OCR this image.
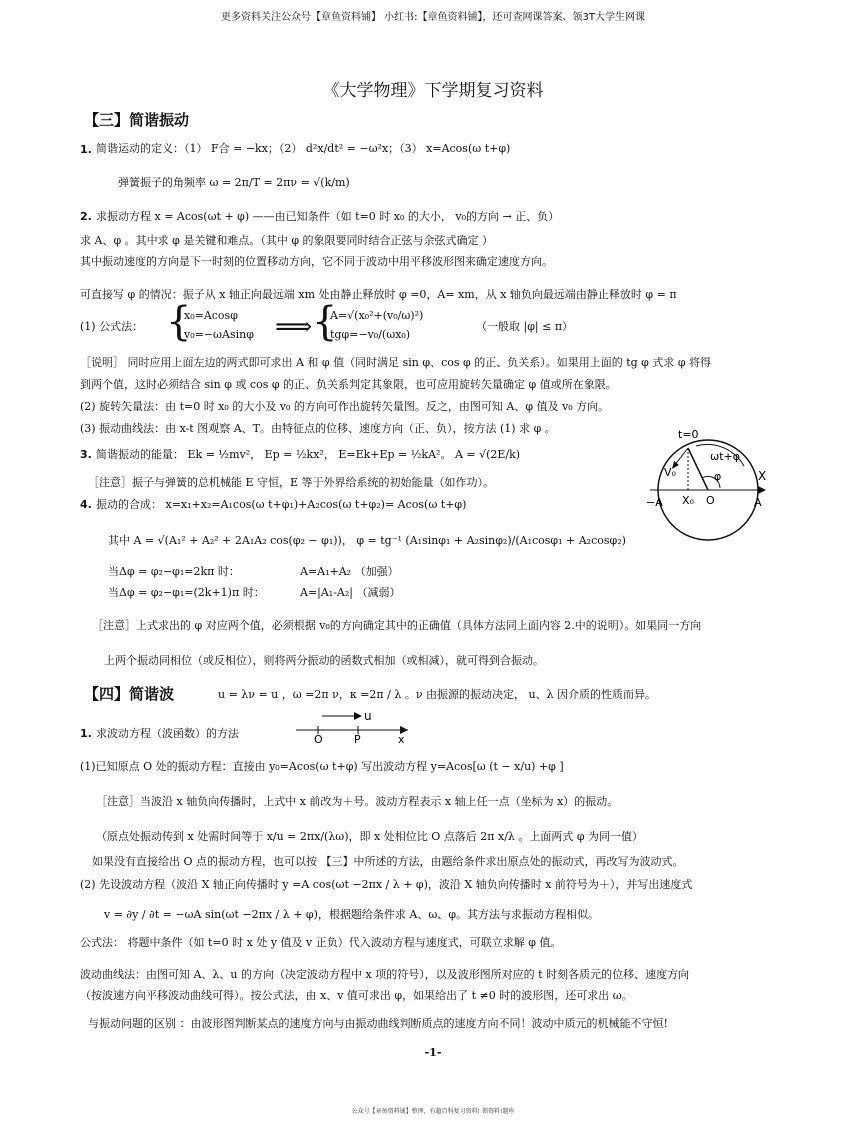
更多资料关注公众号【章鱼资料铺】 小红书:【章鱼资料铺】，还可查网课答案、领3T大学生网课
《大学物理》下学期复习资料
【三】简谐振动
1. 简谐运动的定义：（1） F合 = −kx；（2） d²x/dt² = −ω²x；（3） x=Acos(ω t+φ)
弹簧振子的角频率 ω = 2π/T = 2πν = √(k/m)
2. 求振动方程 x = Acos(ωt + φ) ——由已知条件（如 t=0 时 x₀ 的大小， v₀的方向 → 正、负）
求 A、φ 。其中求 φ 是关键和难点。（其中 φ 的象限要同时结合正弦与余弦式确定 ）
其中振动速度的方向是下一时刻的位置移动方向，它不同于波动中用平移波形图来确定速度方向。
可直接写 φ 的情况：振子从 x 轴正向最远端 xm 处由静止释放时 φ =0，A= xm，从 x 轴负向最远端由静止释放时 φ = π
(1) 公式法： {
x₀=Acosφ
v₀=−ωAsinφ ⟹ {
A=√(x₀²+(v₀/ω)²)
tgφ=−v₀/(ωx₀)
（一般取 |φ| ≤ π）
［说明］ 同时应用上面左边的两式即可求出 A 和 φ 值（同时满足 sin φ、cos φ 的正、负关系）。如果用上面的 tg φ 式求 φ 将得
到两个值，这时必须结合 sin φ 或 cos φ 的正、负关系判定其象限，也可应用旋转矢量确定 φ 值或所在象限。
(2) 旋转矢量法：由 t=0 时 x₀ 的大小及 v₀ 的方向可作出旋转矢量图。反之，由图可知 A、φ 值及 v₀ 方向。
(3) 振动曲线法：由 x-t 图观察 A、T。由特征点的位移、速度方向（正、负），按方法 (1) 求 φ 。
3. 简谐振动的能量： Ek = ½mv²， Ep = ½kx²， E=Ek+Ep = ½kA²。 A = √(2E/k)
［注意］振子与弹簧的总机械能 E 守恒，E 等于外界给系统的初始能量（如作功）。
4. 振动的合成： x=x₁+x₂=A₁cos(ω t+φ₁)+A₂cos(ω t+φ₂)= Acos(ω t+φ)
其中 A = √(A₁² + A₂² + 2A₁A₂ cos(φ₂ − φ₁))， φ = tg⁻¹ (A₁sinφ₁ + A₂sinφ₂)/(A₁cosφ₁ + A₂cosφ₂)
当Δφ = φ₂−φ₁=2kπ 时：	A=A₁+A₂ （加强）
当Δφ = φ₂−φ₁=(2k+1)π 时：	A=|A₁-A₂| （减弱）
［注意］上式求出的 φ 对应两个值，必须根据 v₀的方向确定其中的正确值（具体方法同上面内容 2.中的说明）。如果同一方向
上两个振动同相位（或反相位），则将两分振动的函数式相加（或相减），就可得到合振动。
【四】简谐波	u = λν = u ，ω =2π ν，κ =2π / λ 。ν 由振源的振动决定， u、λ 因介质的性质而异。
1. 求波动方程（波函数）的方法
u
O	P	x
(1)已知原点 O 处的振动方程：直接由 y₀=Acos(ω t+φ) 写出波动方程 y=Acos[ω (t − x/u) +φ ]
［注意］当波沿 x 轴负向传播时，上式中 x 前改为＋号。波动方程表示 x 轴上任一点（坐标为 x）的振动。
（原点处振动传到 x 处需时间等于 x/u = 2πx/(λω)，即 x 处相位比 O 点落后 2π x/λ 。上面两式 φ 为同一值）
如果没有直接给出 O 点的振动方程，也可以按 【三】中所述的方法，由题给条件求出原点处的振动式，再改写为波动式。
(2) 先设波动方程（波沿 X 轴正向传播时 y =A cos(ωt −2πx / λ + φ)，波沿 X 轴负向传播时 x 前符号为＋），并写出速度式
v = ∂y / ∂t = −ωA sin(ωt −2πx / λ + φ)，根据题给条件求 A、ω、φ。其方法与求振动方程相似。
公式法： 将题中条件（如 t=0 时 x 处 y 值及 v 正负）代入波动方程与速度式，可联立求解 φ 值。
波动曲线法：由图可知 A、λ、u 的方向（决定波动方程中 x 项的符号），以及波形图所对应的 t 时刻各质元的位移、速度方向
（按波速方向平移波动曲线可得）。按公式法，由 x、v 值可求出 φ，如果给出了 t ≠0 时的波形图，还可求出 ω。
与振动问题的区别 ：由波形图判断某点的速度方向与由振动曲线判断质点的速度方向不同！波动中质元的机械能不守恒!
t=0
ωt+φ
V₀	φ	X
−A X₀ O	A
-1-
公众号【章鱼资料铺】整理，有超百科复习资料! 领资料!题库
